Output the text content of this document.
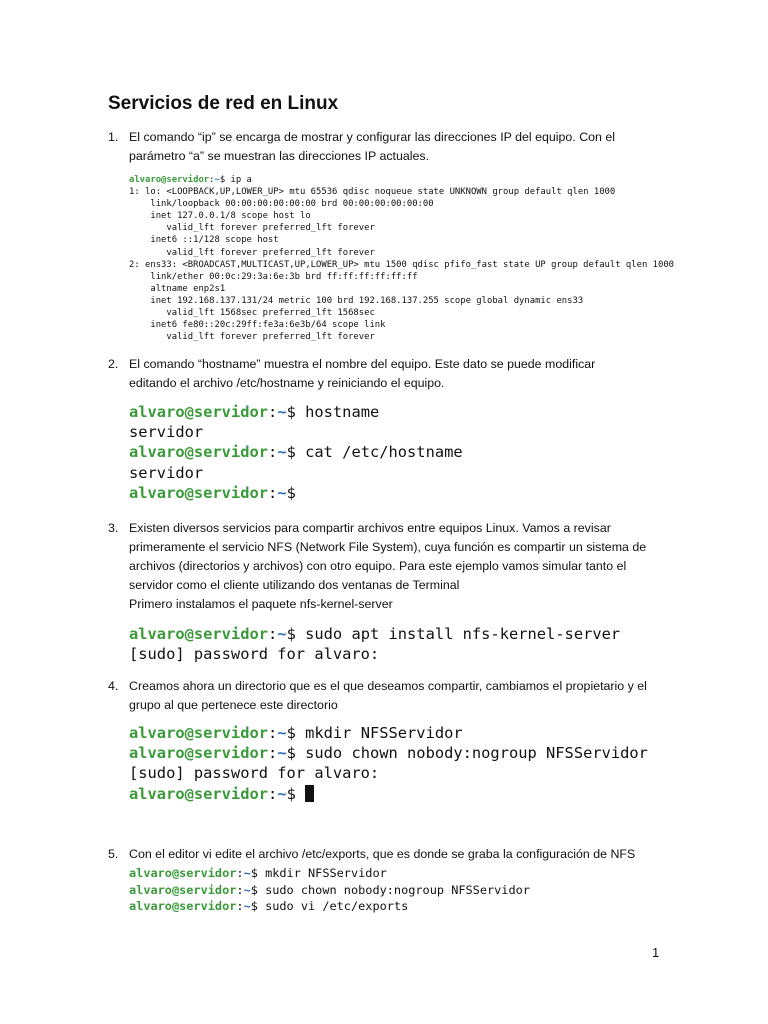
Servicios de red en Linux
1. El comando “ip” se encarga de mostrar y configurar las direcciones IP del equipo. Con el
parámetro “a” se muestran las direcciones IP actuales.
alvaro@servidor:~$ ip a
1: lo: <LOOPBACK,UP,LOWER_UP> mtu 65536 qdisc noqueue state UNKNOWN group default qlen 1000
link/loopback 00:00:00:00:00:00 brd 00:00:00:00:00:00
inet 127.0.0.1/8 scope host lo
valid_lft forever preferred_lft forever
inet6 ::1/128 scope host
valid_lft forever preferred_lft forever
2: ens33: <BROADCAST,MULTICAST,UP,LOWER_UP> mtu 1500 qdisc pfifo_fast state UP group default qlen 1000
link/ether 00:0c:29:3a:6e:3b brd ff:ff:ff:ff:ff:ff
altname enp2s1
inet 192.168.137.131/24 metric 100 brd 192.168.137.255 scope global dynamic ens33
valid_lft 1568sec preferred_lft 1568sec
inet6 fe80::20c:29ff:fe3a:6e3b/64 scope link
valid_lft forever preferred_lft forever
2. El comando “hostname” muestra el nombre del equipo. Este dato se puede modificar
editando el archivo /etc/hostname y reiniciando el equipo.
alvaro@servidor:~$ hostname
servidor
alvaro@servidor:~$ cat /etc/hostname
servidor
alvaro@servidor:~$
3. Existen diversos servicios para compartir archivos entre equipos Linux. Vamos a revisar
primeramente el servicio NFS (Network File System), cuya función es compartir un sistema de
archivos (directorios y archivos) con otro equipo. Para este ejemplo vamos simular tanto el
servidor como el cliente utilizando dos ventanas de Terminal
Primero instalamos el paquete nfs-kernel-server
alvaro@servidor:~$ sudo apt install nfs-kernel-server
[sudo] password for alvaro:
4. Creamos ahora un directorio que es el que deseamos compartir, cambiamos el propietario y el
grupo al que pertenece este directorio
alvaro@servidor:~$ mkdir NFSServidor
alvaro@servidor:~$ sudo chown nobody:nogroup NFSServidor
[sudo] password for alvaro:
alvaro@servidor:~$
5. Con el editor vi edite el archivo /etc/exports, que es donde se graba la configuración de NFS
alvaro@servidor:~$ mkdir NFSServidor
alvaro@servidor:~$ sudo chown nobody:nogroup NFSServidor
alvaro@servidor:~$ sudo vi /etc/exports
1
